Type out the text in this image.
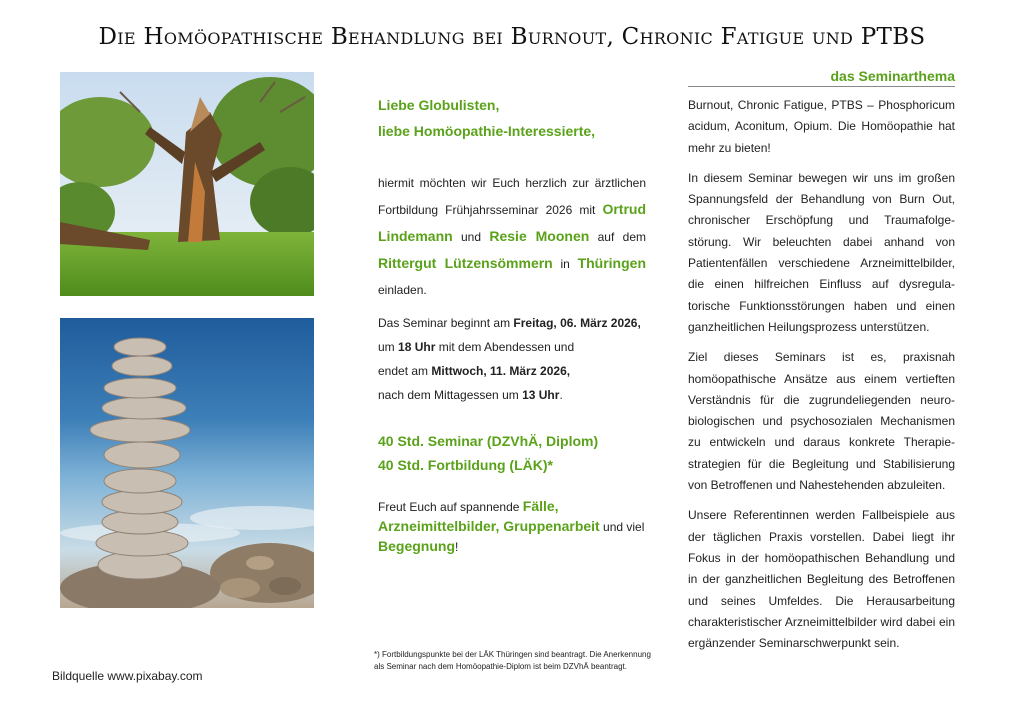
Die Homöopathische Behandlung bei Burnout, Chronic Fatigue und PTBS
Bildquelle www.pixabay.com
Liebe Globulisten,
liebe Homöopathie-Interessierte,
hiermit möchten wir Euch herzlich zur ärztlichen Fortbildung Frühjahrsseminar 2026 mit Ortrud Lindemann und Resie Moonen auf dem Rittergut Lützensömmern in Thüringen einladen.
Das Seminar beginnt am Freitag, 06. März 2026,
um 18 Uhr mit dem Abendessen und
endet am Mittwoch, 11. März 2026,
nach dem Mittagessen um 13 Uhr.
40 Std. Seminar (DZVhÄ, Diplom)
40 Std. Fortbildung (LÄK)*
Freut Euch auf spannende Fälle, Arzneimittelbilder, Gruppenarbeit und viel Begegnung!
*) Fortbildungspunkte bei der LÄK Thüringen sind beantragt. Die Anerkennung als Seminar nach dem Homöopathie-Diplom ist beim DZVhÄ beantragt.
das Seminarthema

Burnout, Chronic Fatigue, PTBS – Phosphoricum acidum, Aconitum, Opium. Die Homöopathie hat mehr zu bieten!

In diesem Seminar bewegen wir uns im großen Spannungsfeld der Behandlung von Burn Out, chronischer Erschöpfung und Traumafolge-störung. Wir beleuchten dabei anhand von Patientenfällen verschiedene Arzneimittelbilder, die einen hilfreichen Einfluss auf dysregula-torische Funktionsstörungen haben und einen ganzheitlichen Heilungsprozess unterstützen.

Ziel dieses Seminars ist es, praxisnah homöopathische Ansätze aus einem vertieften Verständnis für die zugrundeliegenden neuro-biologischen und psychosozialen Mechanismen zu entwickeln und daraus konkrete Therapie-strategien für die Begleitung und Stabilisierung von Betroffenen und Nahestehenden abzuleiten.

Unsere Referentinnen werden Fallbeispiele aus der täglichen Praxis vorstellen. Dabei liegt ihr Fokus in der homöopathischen Behandlung und in der ganzheitlichen Begleitung des Betroffenen und seines Umfeldes. Die Herausarbeitung charakteristischer Arzneimittelbilder wird dabei ein ergänzender Seminarschwerpunkt sein.
